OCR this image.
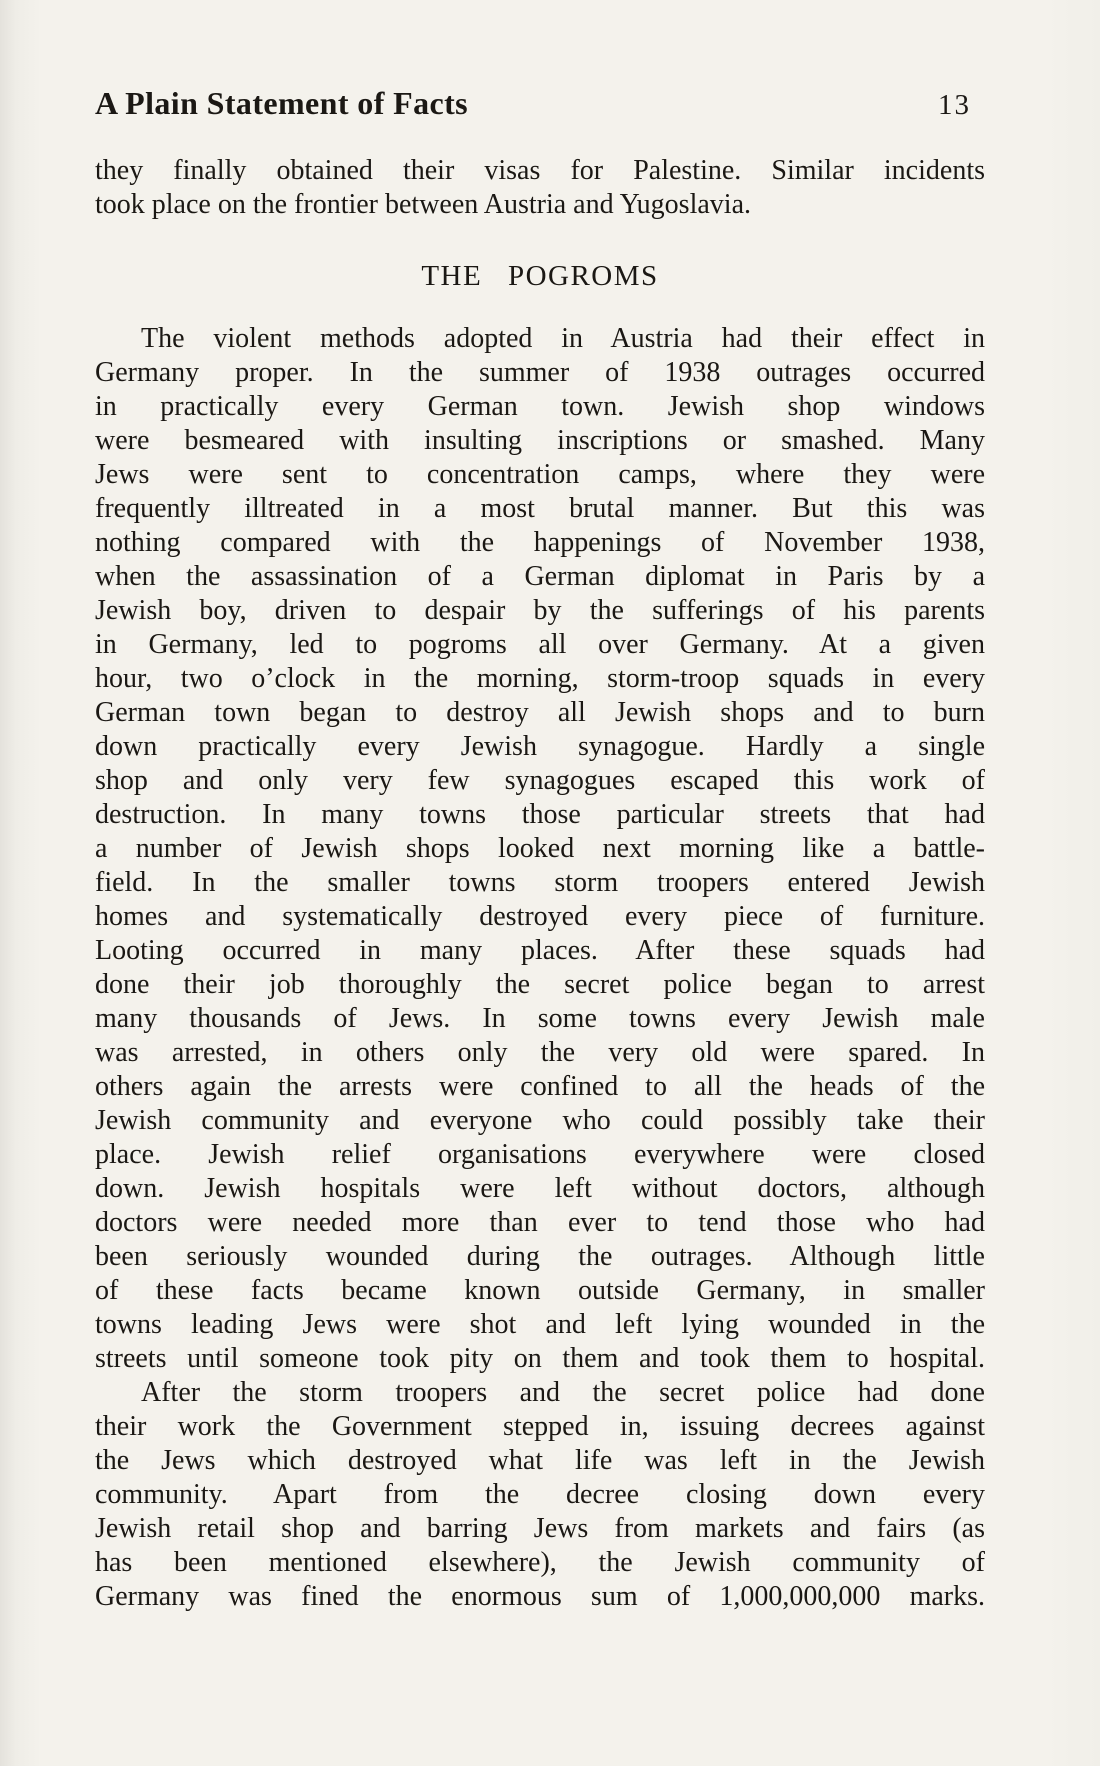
A Plain Statement of Facts	13
they finally obtained their visas for Palestine. Similar incidents
took place on the frontier between Austria and Yugoslavia.
THE POGROMS
The violent methods adopted in Austria had their effect in
Germany proper. In the summer of 1938 outrages occurred
in practically every German town. Jewish shop windows
were besmeared with insulting inscriptions or smashed. Many
Jews were sent to concentration camps, where they were
frequently illtreated in a most brutal manner. But this was
nothing compared with the happenings of November 1938,
when the assassination of a German diplomat in Paris by a
Jewish boy, driven to despair by the sufferings of his parents
in Germany, led to pogroms all over Germany. At a given
hour, two o’clock in the morning, storm-troop squads in every
German town began to destroy all Jewish shops and to burn
down practically every Jewish synagogue. Hardly a single
shop and only very few synagogues escaped this work of
destruction. In many towns those particular streets that had
a number of Jewish shops looked next morning like a battle-
field. In the smaller towns storm troopers entered Jewish
homes and systematically destroyed every piece of furniture.
Looting occurred in many places. After these squads had
done their job thoroughly the secret police began to arrest
many thousands of Jews. In some towns every Jewish male
was arrested, in others only the very old were spared. In
others again the arrests were confined to all the heads of the
Jewish community and everyone who could possibly take their
place. Jewish relief organisations everywhere were closed
down. Jewish hospitals were left without doctors, although
doctors were needed more than ever to tend those who had
been seriously wounded during the outrages. Although little
of these facts became known outside Germany, in smaller
towns leading Jews were shot and left lying wounded in the
streets until someone took pity on them and took them to hospital.
After the storm troopers and the secret police had done
their work the Government stepped in, issuing decrees against
the Jews which destroyed what life was left in the Jewish
community. Apart from the decree closing down every
Jewish retail shop and barring Jews from markets and fairs (as
has been mentioned elsewhere), the Jewish community of
Germany was fined the enormous sum of 1,000,000,000 marks.
